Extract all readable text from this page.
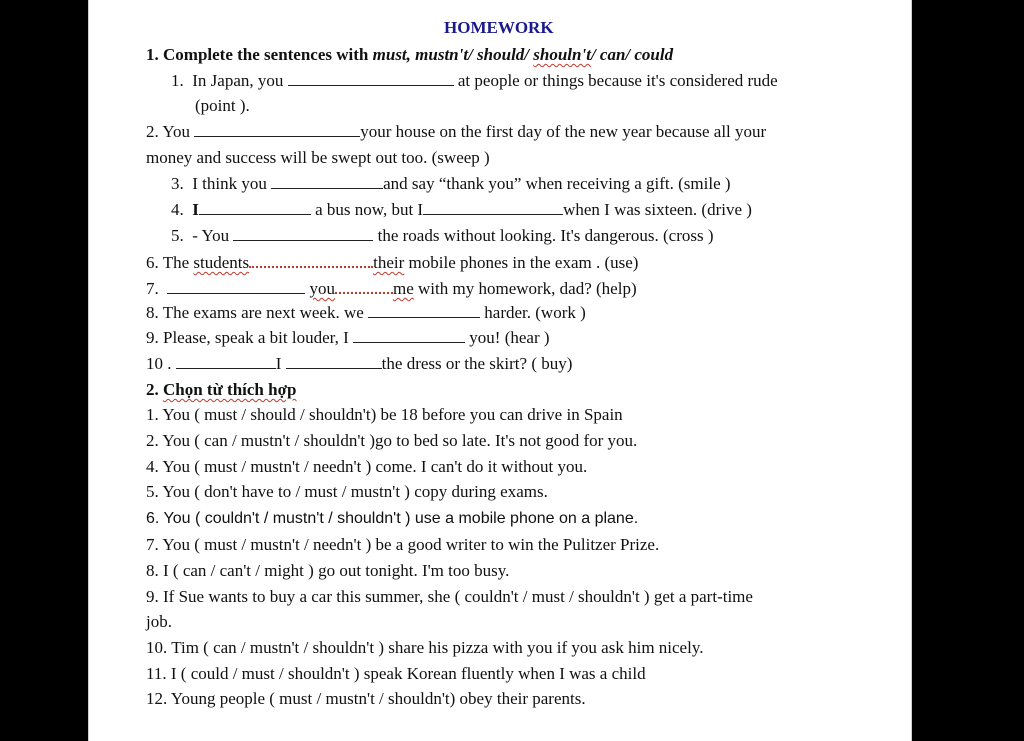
HOMEWORK
1. Complete the sentences with must, mustn't/ should/ shouln't/ can/ could
1. In Japan, you	at people or things because it's considered rude
(point ).
2. You	your house on the first day of the new year because all your
money and success will be swept out too. (sweep )
3. I think you	and say “thank you” when receiving a gift. (smile )
4. I	a bus now, but I	when I was sixteen. (drive )
5. - You	the roads without looking. It's dangerous. (cross )
6. The students	their mobile phones in the exam . (use)
7.	you	me with my homework, dad? (help)
8. The exams are next week. we	harder. (work )
9. Please, speak a bit louder, I	you! (hear )
10 .	I	the dress or the skirt? ( buy)
2. Chọn từ thích hợp
1. You ( must / should / shouldn't) be 18 before you can drive in Spain
2. You ( can / mustn't / shouldn't )go to bed so late. It's not good for you.
4. You ( must / mustn't / needn't ) come. I can't do it without you.
5. You ( don't have to / must / mustn't ) copy during exams.
6. You ( couldn't / mustn't / shouldn't ) use a mobile phone on a plane.
7. You ( must / mustn't / needn't ) be a good writer to win the Pulitzer Prize.
8. I ( can / can't / might ) go out tonight. I'm too busy.
9. If Sue wants to buy a car this summer, she ( couldn't / must / shouldn't ) get a part-time
job.
10. Tim ( can / mustn't / shouldn't ) share his pizza with you if you ask him nicely.
11. I ( could / must / shouldn't ) speak Korean fluently when I was a child
12. Young people ( must / mustn't / shouldn't) obey their parents.
